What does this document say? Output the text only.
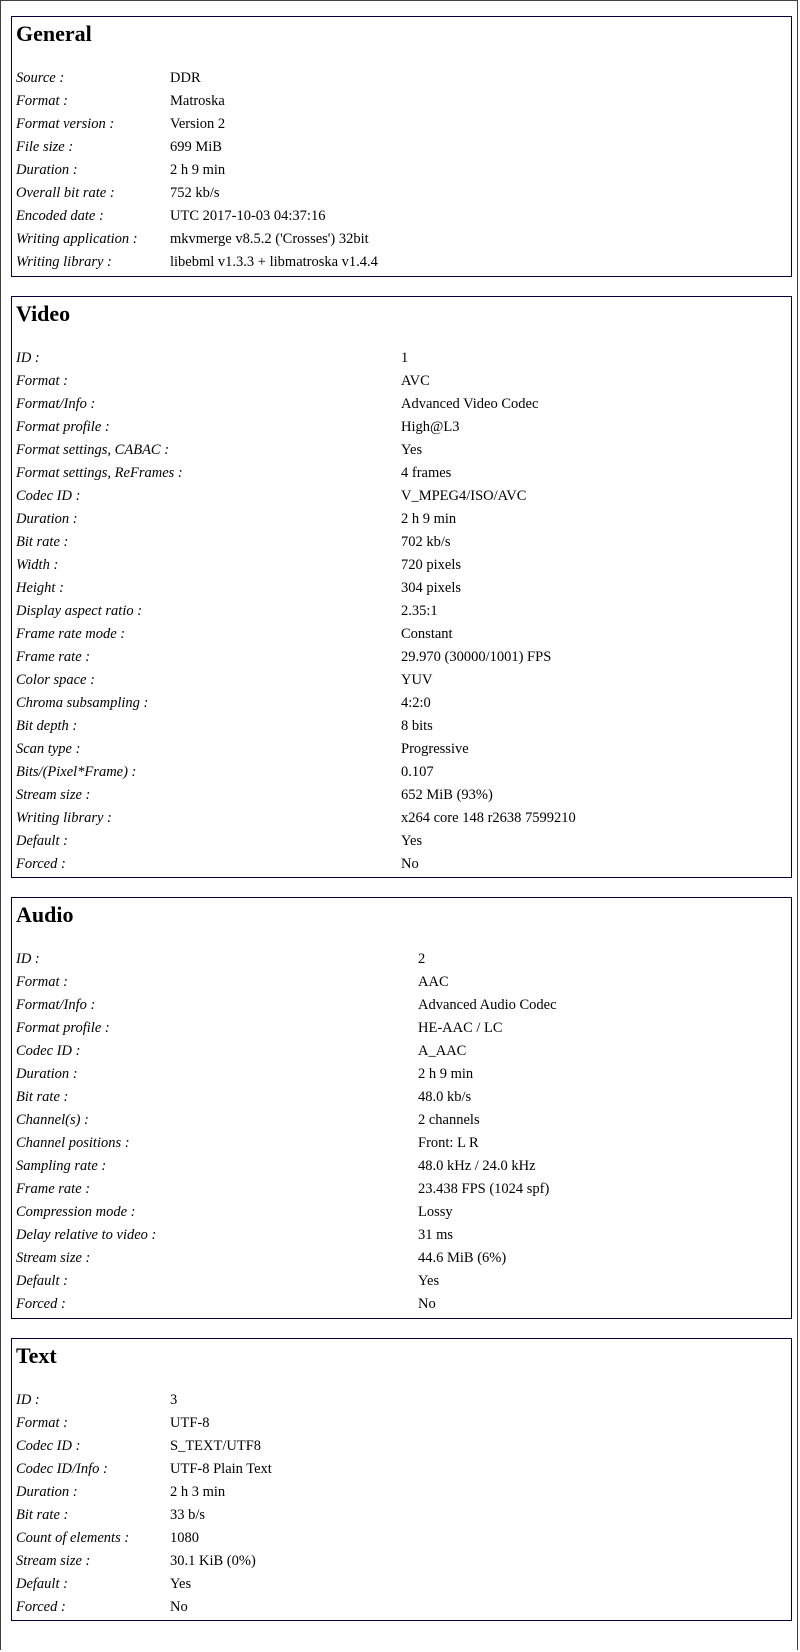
General
Source :	DDR
Format :	Matroska
Format version :	Version 2
File size :	699 MiB
Duration :	2 h 9 min
Overall bit rate :	752 kb/s
Encoded date :	UTC 2017-10-03 04:37:16
Writing application : mkvmerge v8.5.2 ('Crosses') 32bit
Writing library :	libebml v1.3.3 + libmatroska v1.4.4
Video
ID :	1
Format :	AVC
Format/Info :	Advanced Video Codec
Format profile :	High@L3
Format settings, CABAC :	Yes
Format settings, ReFrames :	4 frames
Codec ID :	V_MPEG4/ISO/AVC
Duration :	2 h 9 min
Bit rate :	702 kb/s
Width :	720 pixels
Height :	304 pixels
Display aspect ratio :	2.35:1
Frame rate mode :	Constant
Frame rate :	29.970 (30000/1001) FPS
Color space :	YUV
Chroma subsampling :	4:2:0
Bit depth :	8 bits
Scan type :	Progressive
Bits/(Pixel*Frame) :	0.107
Stream size :	652 MiB (93%)
Writing library :	x264 core 148 r2638 7599210
Default :	Yes
Forced :	No
Audio
ID :	2
Format :	AAC
Format/Info :	Advanced Audio Codec
Format profile :	HE-AAC / LC
Codec ID :	A_AAC
Duration :	2 h 9 min
Bit rate :	48.0 kb/s
Channel(s) :	2 channels
Channel positions :	Front: L R
Sampling rate :	48.0 kHz / 24.0 kHz
Frame rate :	23.438 FPS (1024 spf)
Compression mode :	Lossy
Delay relative to video :	31 ms
Stream size :	44.6 MiB (6%)
Default :	Yes
Forced :	No
Text
ID :	3
Format :	UTF-8
Codec ID :	S_TEXT/UTF8
Codec ID/Info :	UTF-8 Plain Text
Duration :	2 h 3 min
Bit rate :	33 b/s
Count of elements :	1080
Stream size :	30.1 KiB (0%)
Default :	Yes
Forced :	No
